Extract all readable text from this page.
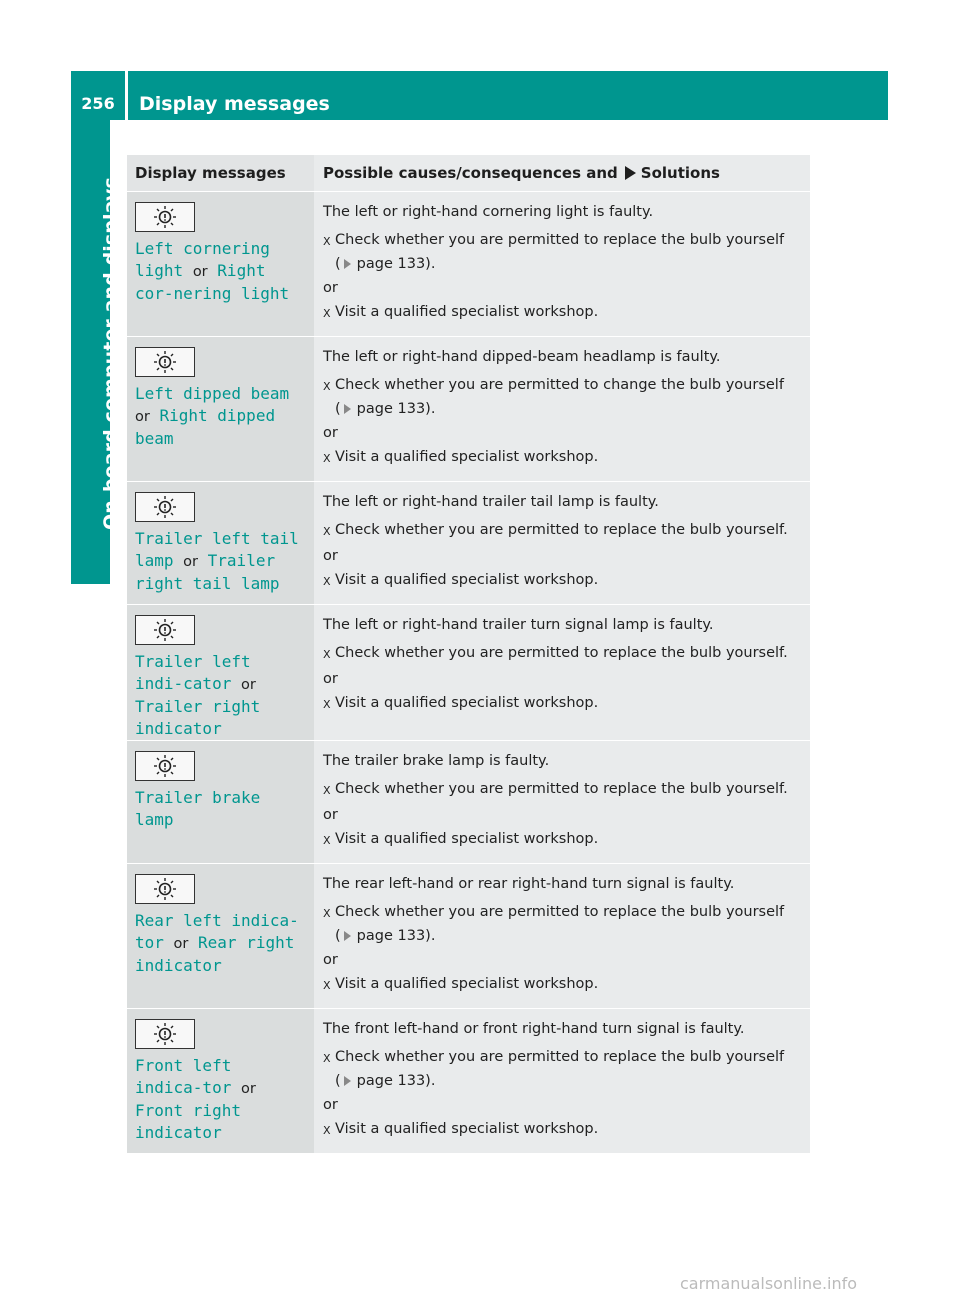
256	Display messages
On-board computer and displays
Display messages	Possible causes/consequences and Solutions
Left cornering light or Right cor‐nering light
The left or right-hand cornering light is faulty.
X Check whether you are permitted to replace the bulb yourself
( page 133).
or
X Visit a qualified specialist workshop.
Left dipped beam or Right dipped beam
The left or right-hand dipped-beam headlamp is faulty.
X Check whether you are permitted to change the bulb yourself
( page 133).
or
X Visit a qualified specialist workshop.
Trailer left tail lamp or Trailer right tail lamp
The left or right-hand trailer tail lamp is faulty.
X Check whether you are permitted to replace the bulb yourself.
or
X Visit a qualified specialist workshop.
Trailer left indi‐cator or Trailer right indicator
The left or right-hand trailer turn signal lamp is faulty.
X Check whether you are permitted to replace the bulb yourself.
or
X Visit a qualified specialist workshop.
Trailer brake lamp
The trailer brake lamp is faulty.
X Check whether you are permitted to replace the bulb yourself.
or
X Visit a qualified specialist workshop.
Rear left indica‐tor or Rear right indicator
The rear left-hand or rear right-hand turn signal is faulty.
X Check whether you are permitted to replace the bulb yourself
( page 133).
or
X Visit a qualified specialist workshop.
Front left indica‐tor or Front right indicator
The front left-hand or front right-hand turn signal is faulty.
X Check whether you are permitted to replace the bulb yourself
( page 133).
or
X Visit a qualified specialist workshop.
carmanualsonline.info
